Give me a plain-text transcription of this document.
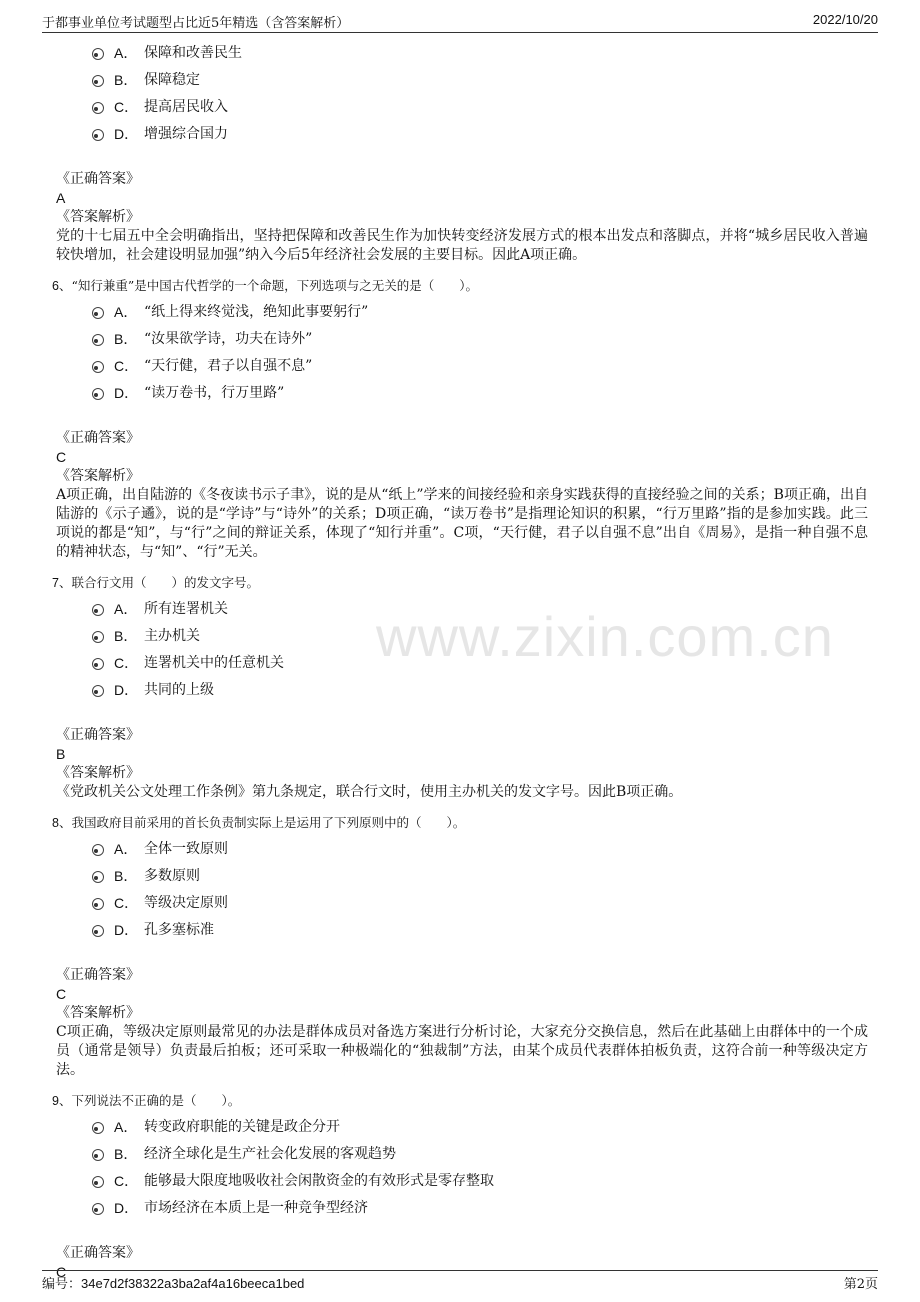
于都事业单位考试题型占比近5年精选（含答案解析）	2022/10/20
www.zixin.com.cn
A． 保障和改善民生
B． 保障稳定
C． 提高居民收入
D． 增强综合国力
《正确答案》
A
《答案解析》
党的十七届五中全会明确指出，坚持把保障和改善民生作为加快转变经济发展方式的根本出发点和落脚点，并将“城乡居民收入普遍较快增加，社会建设明显加强”纳入今后5年经济社会发展的主要目标。因此A项正确。
6、“知行兼重”是中国古代哲学的一个命题，下列选项与之无关的是（　　）。
A． “纸上得来终觉浅，绝知此事要躬行”
B． “汝果欲学诗，功夫在诗外”
C． “天行健，君子以自强不息”
D． “读万卷书，行万里路”
《正确答案》
C
《答案解析》
A项正确，出自陆游的《冬夜读书示子聿》，说的是从“纸上”学来的间接经验和亲身实践获得的直接经验之间的关系；B项正确，出自陆游的《示子遹》，说的是“学诗”与“诗外”的关系；D项正确，“读万卷书”是指理论知识的积累，“行万里路”指的是参加实践。此三项说的都是“知”，与“行”之间的辩证关系，体现了“知行并重”。C项，“天行健，君子以自强不息”出自《周易》，是指一种自强不息的精神状态，与“知”、“行”无关。
7、联合行文用（　　）的发文字号。
A． 所有连署机关
B． 主办机关
C． 连署机关中的任意机关
D． 共同的上级
《正确答案》
B
《答案解析》
《党政机关公文处理工作条例》第九条规定，联合行文时，使用主办机关的发文字号。因此B项正确。
8、我国政府目前采用的首长负责制实际上是运用了下列原则中的（　　）。
A． 全体一致原则
B． 多数原则
C． 等级决定原则
D． 孔多塞标准
《正确答案》
C
《答案解析》
C项正确，等级决定原则最常见的办法是群体成员对备选方案进行分析讨论，大家充分交换信息，然后在此基础上由群体中的一个成员（通常是领导）负责最后拍板；还可采取一种极端化的“独裁制”方法，由某个成员代表群体拍板负责，这符合前一种等级决定方法。
9、下列说法不正确的是（　　）。
A． 转变政府职能的关键是政企分开
B． 经济全球化是生产社会化发展的客观趋势
C． 能够最大限度地吸收社会闲散资金的有效形式是零存整取
D． 市场经济在本质上是一种竞争型经济
《正确答案》
C
编号：34e7d2f38322a3ba2af4a16beeca1bed	第2页
